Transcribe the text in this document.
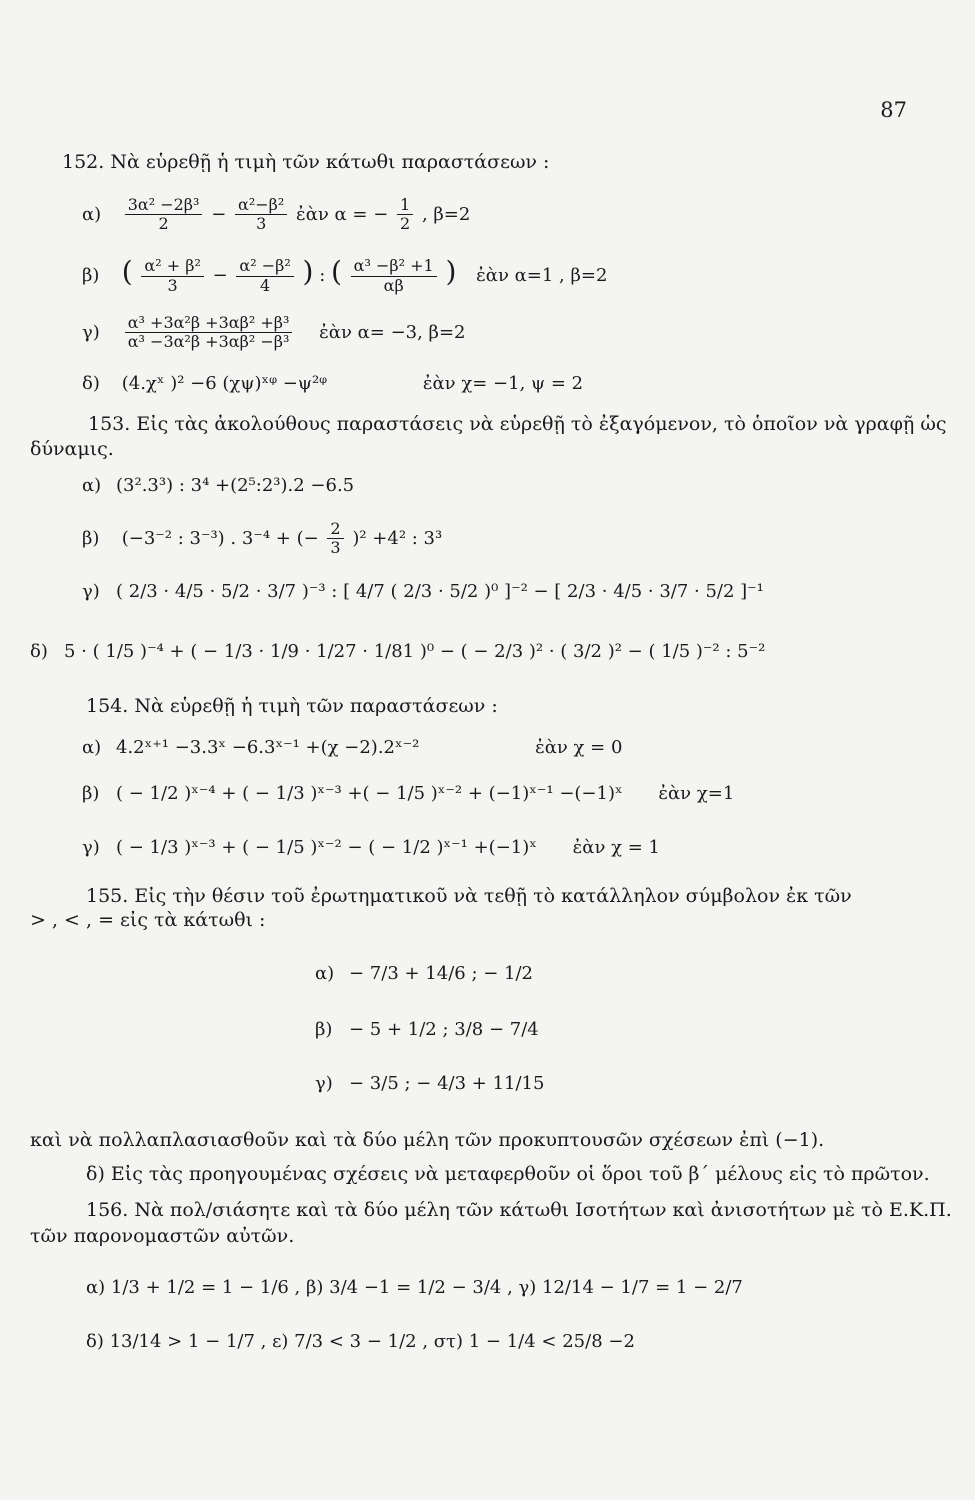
87
152. Νὰ εὑρεθῇ ἡ τιμὴ τῶν κάτωθι παραστάσεων :
$\alpha) \frac{\text{3α² −2β³}}{2} - \frac{\text{α²−β²}}{3}$ ἐὰν α = − $\frac{1}{2}$ , β=2
β) ( $\frac{\text{α² + β²}}{3} - \frac{\text{α² −β²}}{4}$ ) : ( $\frac{\text{α³ −β² +1}}{\alpha\beta}$ ) ἐὰν α=1 , β=2
$\gamma) \frac{\text{α³ +3α²β +3αβ² +β³}}{\text{α³ −3α²β +3αβ² −β³}}$ ἐὰν α= −3, β=2
δ) (4.χˣ )² −6 (χψ)ˣᵠ −ψ²ᵠ	ἐὰν χ= −1, ψ = 2
153. Εἰς τὰς ἀκολούθους παραστάσεις νὰ εὑρεθῇ τὸ ἐξαγόμενον, τὸ ὁποῖον νὰ γραφῇ ὡς
δύναμις.
α) (3².3³) : 3⁴ +(2⁵:2³).2 −6.5
β) (−3⁻² : 3⁻³) . 3⁻⁴ + (− $\frac{2}{3} )^2 +4^2$ : 3³
γ) ( 2/3 · 4/5 · 5/2 · 3/7 )⁻³ : [ 4/7 ( 2/3 · 5/2 )⁰ ]⁻² − [ 2/3 · 4/5 · 3/7 · 5/2 ]⁻¹
δ) 5 · ( 1/5 )⁻⁴ + ( − 1/3 · 1/9 · 1/27 · 1/81 )⁰ − ( − 2/3 )² · ( 3/2 )² − ( 1/5 )⁻² : 5⁻²
154. Νὰ εὑρεθῇ ἡ τιμὴ τῶν παραστάσεων :
α) 4.2ˣ⁺¹ −3.3ˣ −6.3ˣ⁻¹ +(χ −2).2ˣ⁻²	ἐὰν χ = 0
β) ( − 1/2 )ˣ⁻⁴ + ( − 1/3 )ˣ⁻³ +( − 1/5 )ˣ⁻² + (−1)ˣ⁻¹ −(−1)ˣ ἐὰν χ=1
γ) ( − 1/3 )ˣ⁻³ + ( − 1/5 )ˣ⁻² − ( − 1/2 )ˣ⁻¹ +(−1)ˣ ἐὰν χ = 1
155. Εἰς τὴν θέσιν τοῦ ἐρωτηματικοῦ νὰ τεθῇ τὸ κατάλληλον σύμβολον ἐκ τῶν
> , < , = εἰς τὰ κάτωθι :
α) − 7/3 + 14/6 ; − 1/2
β) − 5 + 1/2 ; 3/8 − 7/4
γ) − 3/5 ; − 4/3 + 11/15
καὶ νὰ πολλαπλασιασθοῦν καὶ τὰ δύο μέλη τῶν προκυπτουσῶν σχέσεων ἐπὶ (−1).
δ) Εἰς τὰς προηγουμένας σχέσεις νὰ μεταφερθοῦν οἱ ὅροι τοῦ β΄ μέλους εἰς τὸ πρῶτον.
156. Νὰ πολ/σιάσητε καὶ τὰ δύο μέλη τῶν κάτωθι Ισοτήτων καὶ ἀνισοτήτων μὲ τὸ Ε.Κ.Π.
τῶν παρονομαστῶν αὐτῶν.
α) 1/3 + 1/2 = 1 − 1/6 , β) 3/4 −1 = 1/2 − 3/4 , γ) 12/14 − 1/7 = 1 − 2/7
δ) 13/14 > 1 − 1/7 , ε) 7/3 < 3 − 1/2 , στ) 1 − 1/4 < 25/8 −2
